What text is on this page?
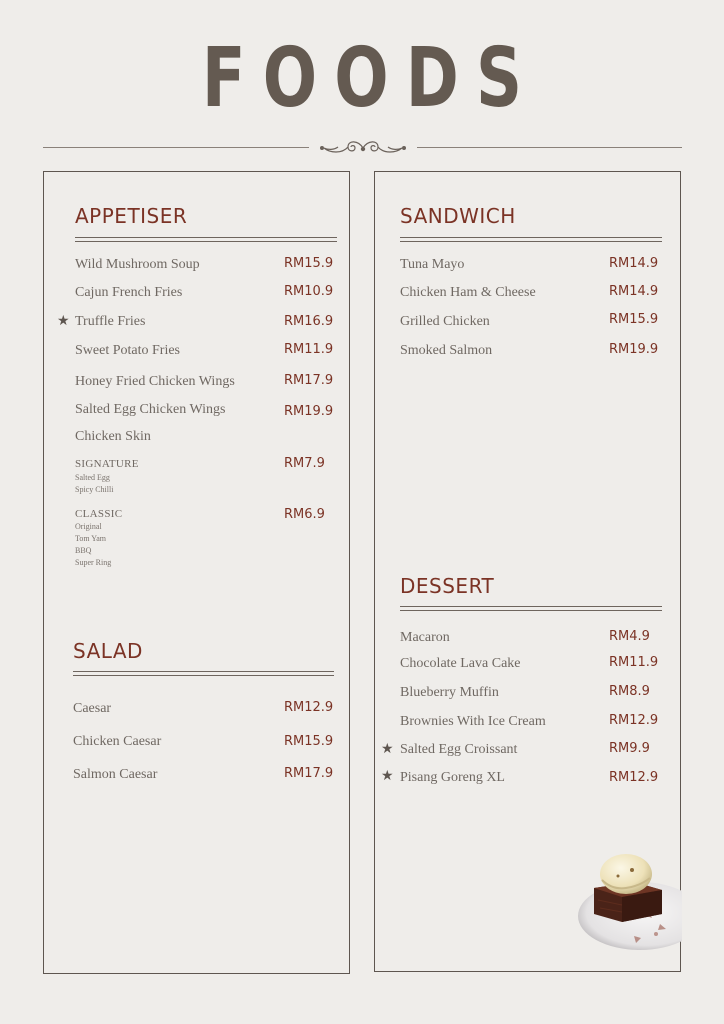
FOODS
APPETISER
Wild Mushroom Soup	RM15.9
Cajun French Fries	RM10.9
★ Truffle Fries	RM16.9
Sweet Potato Fries	RM11.9
Honey Fried Chicken Wings	RM17.9
Salted Egg Chicken Wings	RM19.9
Chicken Skin
SIGNATURE	RM7.9
Salted Egg
Spicy Chilli
CLASSIC	RM6.9
Original
Tom Yam
BBQ
Super Ring
SALAD
Caesar	RM12.9
Chicken Caesar	RM15.9
Salmon Caesar	RM17.9
SANDWICH
Tuna Mayo	RM14.9
Chicken Ham & Cheese	RM14.9
Grilled Chicken	RM15.9
Smoked Salmon	RM19.9
DESSERT
Macaron	RM4.9
Chocolate Lava Cake	RM11.9
Blueberry Muffin	RM8.9
Brownies With Ice Cream	RM12.9
★ Salted Egg Croissant	RM9.9
★ Pisang Goreng XL	RM12.9
